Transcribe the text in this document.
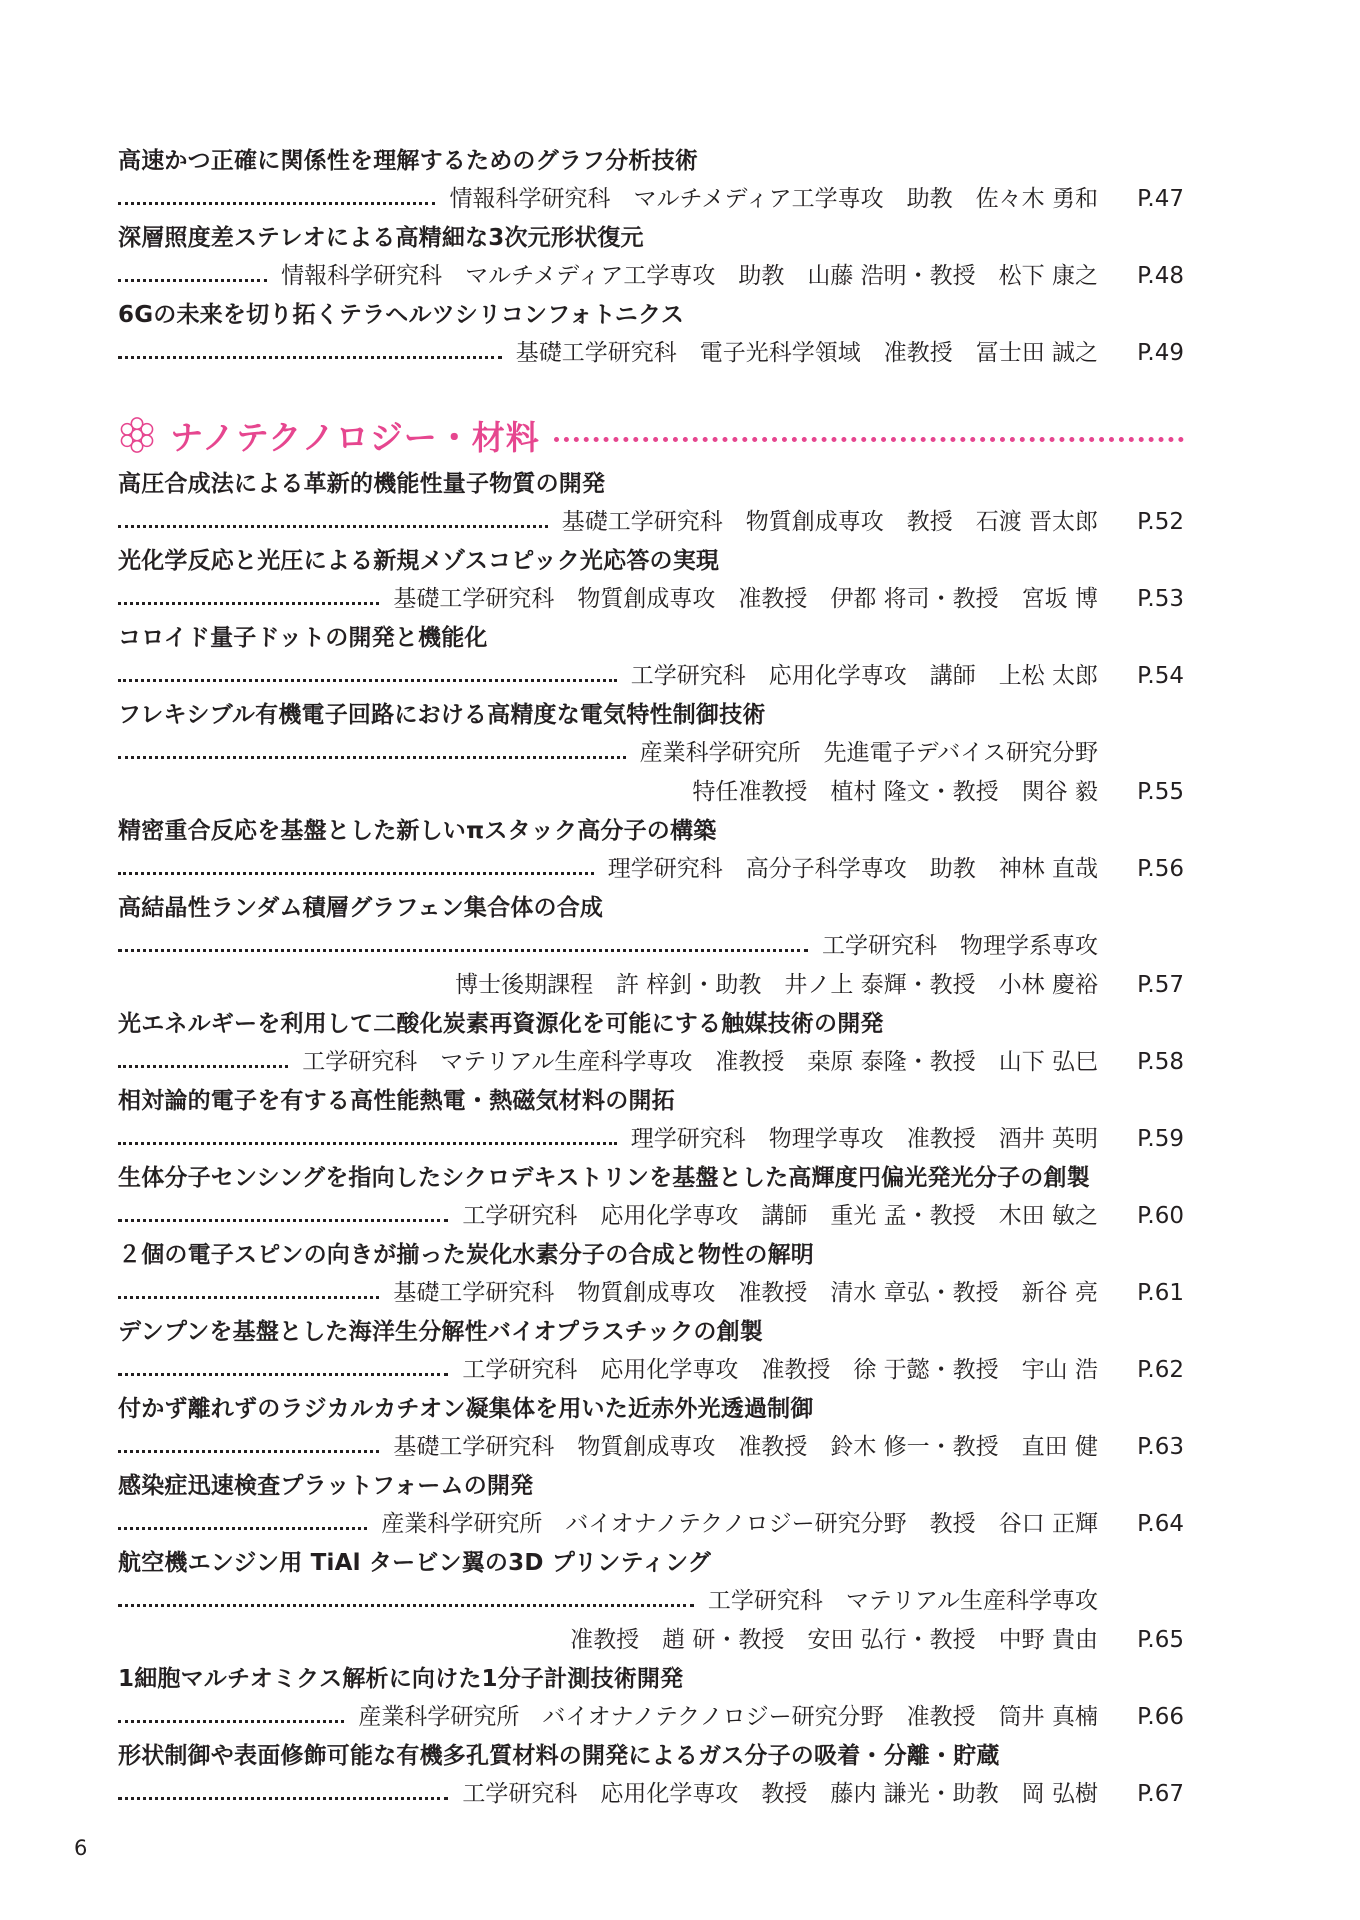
高速かつ正確に関係性を理解するためのグラフ分析技術
情報科学研究科　マルチメディア工学専攻　助教　佐々木 勇和	P.47
深層照度差ステレオによる高精細な3次元形状復元
情報科学研究科　マルチメディア工学専攻　助教　山藤 浩明・教授　松下 康之	P.48
6Gの未来を切り拓くテラヘルツシリコンフォトニクス
基礎工学研究科　電子光科学領域　准教授　冨士田 誠之	P.49
ナノテクノロジー・材料
高圧合成法による革新的機能性量子物質の開発
基礎工学研究科　物質創成専攻　教授　石渡 晋太郎	P.52
光化学反応と光圧による新規メゾスコピック光応答の実現
基礎工学研究科　物質創成専攻　准教授　伊都 将司・教授　宮坂 博	P.53
コロイド量子ドットの開発と機能化
工学研究科　応用化学専攻　講師　上松 太郎	P.54
フレキシブル有機電子回路における高精度な電気特性制御技術
産業科学研究所　先進電子デバイス研究分野
特任准教授　植村 隆文・教授　関谷 毅	P.55
精密重合反応を基盤とした新しいπスタック高分子の構築
理学研究科　高分子科学専攻　助教　神林 直哉	P.56
高結晶性ランダム積層グラフェン集合体の合成
工学研究科　物理学系専攻
博士後期課程　許 梓釗・助教　井ノ上 泰輝・教授　小林 慶裕	P.57
光エネルギーを利用して二酸化炭素再資源化を可能にする触媒技術の開発
工学研究科　マテリアル生産科学専攻　准教授　桒原 泰隆・教授　山下 弘巳	P.58
相対論的電子を有する高性能熱電・熱磁気材料の開拓
理学研究科　物理学専攻　准教授　酒井 英明	P.59
生体分子センシングを指向したシクロデキストリンを基盤とした高輝度円偏光発光分子の創製
工学研究科　応用化学専攻　講師　重光 孟・教授　木田 敏之	P.60
２個の電子スピンの向きが揃った炭化水素分子の合成と物性の解明
基礎工学研究科　物質創成専攻　准教授　清水 章弘・教授　新谷 亮	P.61
デンプンを基盤とした海洋生分解性バイオプラスチックの創製
工学研究科　応用化学専攻　准教授　徐 于懿・教授　宇山 浩	P.62
付かず離れずのラジカルカチオン凝集体を用いた近赤外光透過制御
基礎工学研究科　物質創成専攻　准教授　鈴木 修一・教授　直田 健	P.63
感染症迅速検査プラットフォームの開発
産業科学研究所　バイオナノテクノロジー研究分野　教授　谷口 正輝	P.64
航空機エンジン用 TiAl タービン翼の3D プリンティング
工学研究科　マテリアル生産科学専攻
准教授　趙 研・教授　安田 弘行・教授　中野 貴由	P.65
1細胞マルチオミクス解析に向けた1分子計測技術開発
産業科学研究所　バイオナノテクノロジー研究分野　准教授　筒井 真楠	P.66
形状制御や表面修飾可能な有機多孔質材料の開発によるガス分子の吸着・分離・貯蔵
工学研究科　応用化学専攻　教授　藤内 謙光・助教　岡 弘樹	P.67
6
